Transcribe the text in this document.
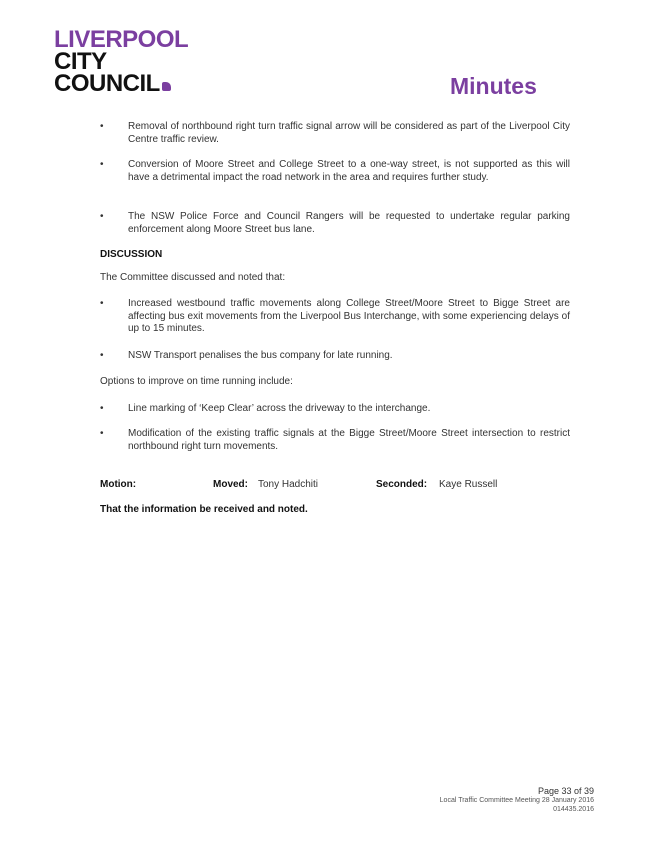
LIVERPOOL
CITY
COUNCIL	Minutes
• Removal of northbound right turn traffic signal arrow will be considered as part of the Liverpool City Centre traffic review.
• Conversion of Moore Street and College Street to a one-way street, is not supported as this will have a detrimental impact the road network in the area and requires further study.
• The NSW Police Force and Council Rangers will be requested to undertake regular parking enforcement along Moore Street bus lane.
DISCUSSION
The Committee discussed and noted that:
• Increased westbound traffic movements along College Street/Moore Street to Bigge Street are affecting bus exit movements from the Liverpool Bus Interchange, with some experiencing delays of up to 15 minutes.
• NSW Transport penalises the bus company for late running.
Options to improve on time running include:
• Line marking of ‘Keep Clear’ across the driveway to the interchange.
• Modification of the existing traffic signals at the Bigge Street/Moore Street intersection to restrict northbound right turn movements.
Motion:	Moved:	Tony Hadchiti	Seconded:	Kaye Russell
That the information be received and noted.
Page 33 of 39
Local Traffic Committee Meeting 28 January 2016
014435.2016
